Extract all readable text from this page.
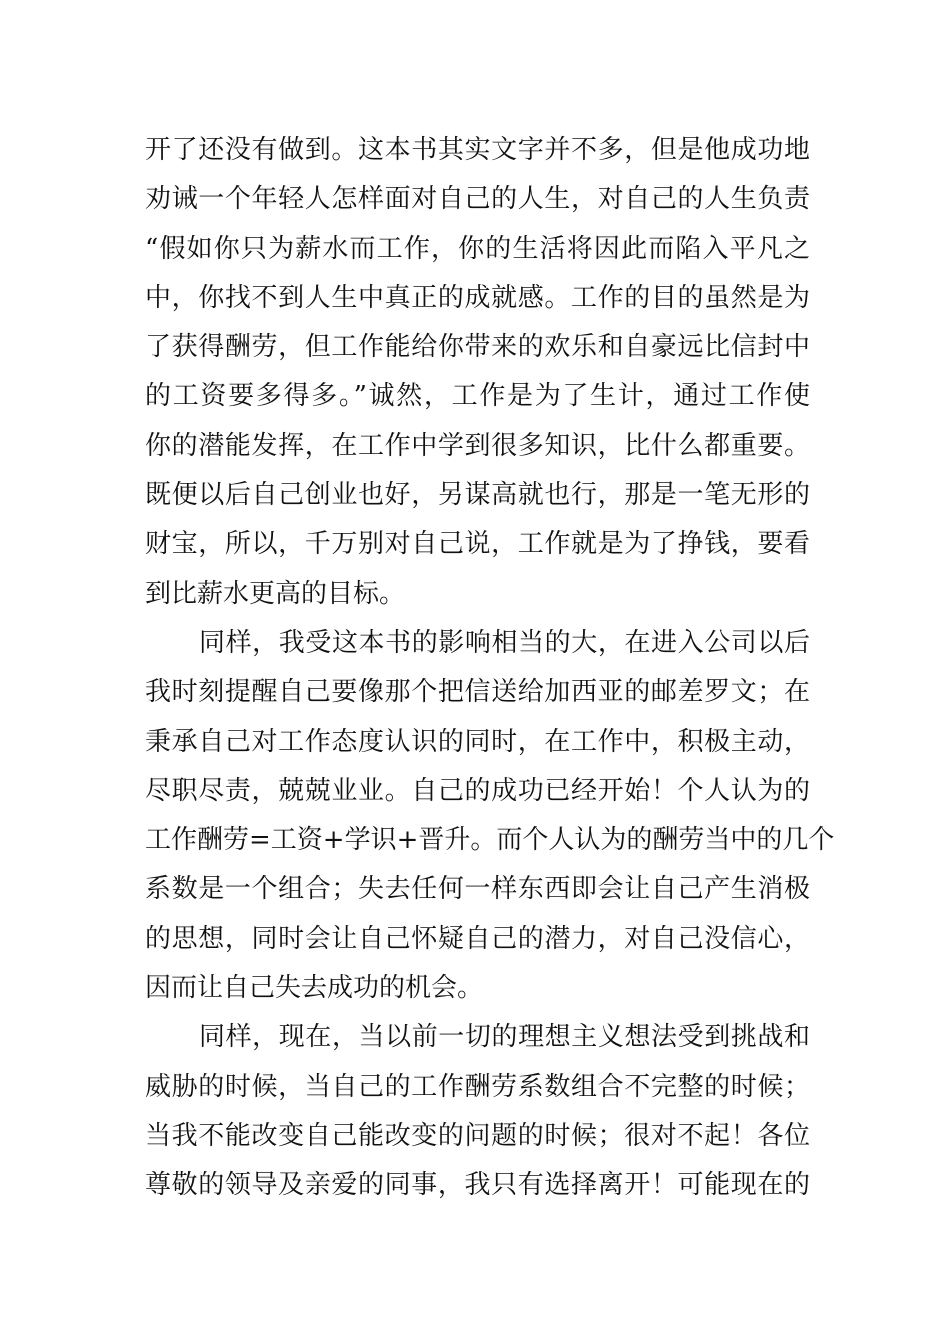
开了还没有做到。这本书其实文字并不多，但是他成功地
劝诫一个年轻人怎样面对自己的人生，对自己的人生负责
“假如你只为薪水而工作，你的生活将因此而陷入平凡之
中，你找不到人生中真正的成就感。工作的目的虽然是为
了获得酬劳，但工作能给你带来的欢乐和自豪远比信封中
的工资要多得多。”诚然，工作是为了生计，通过工作使
你的潜能发挥，在工作中学到很多知识，比什么都重要。
既便以后自己创业也好，另谋高就也行，那是一笔无形的
财宝，所以，千万别对自己说，工作就是为了挣钱，要看
到比薪水更高的目标。
同样，我受这本书的影响相当的大，在进入公司以后
我时刻提醒自己要像那个把信送给加西亚的邮差罗文；在
秉承自己对工作态度认识的同时，在工作中，积极主动，
尽职尽责，兢兢业业。自己的成功已经开始！个人认为的
工作酬劳=工资+学识+晋升。而个人认为的酬劳当中的几个
系数是一个组合；失去任何一样东西即会让自己产生消极
的思想，同时会让自己怀疑自己的潜力，对自己没信心，
因而让自己失去成功的机会。
同样，现在，当以前一切的理想主义想法受到挑战和
威胁的时候，当自己的工作酬劳系数组合不完整的时候；
当我不能改变自己能改变的问题的时候；很对不起！各位
尊敬的领导及亲爱的同事，我只有选择离开！可能现在的
